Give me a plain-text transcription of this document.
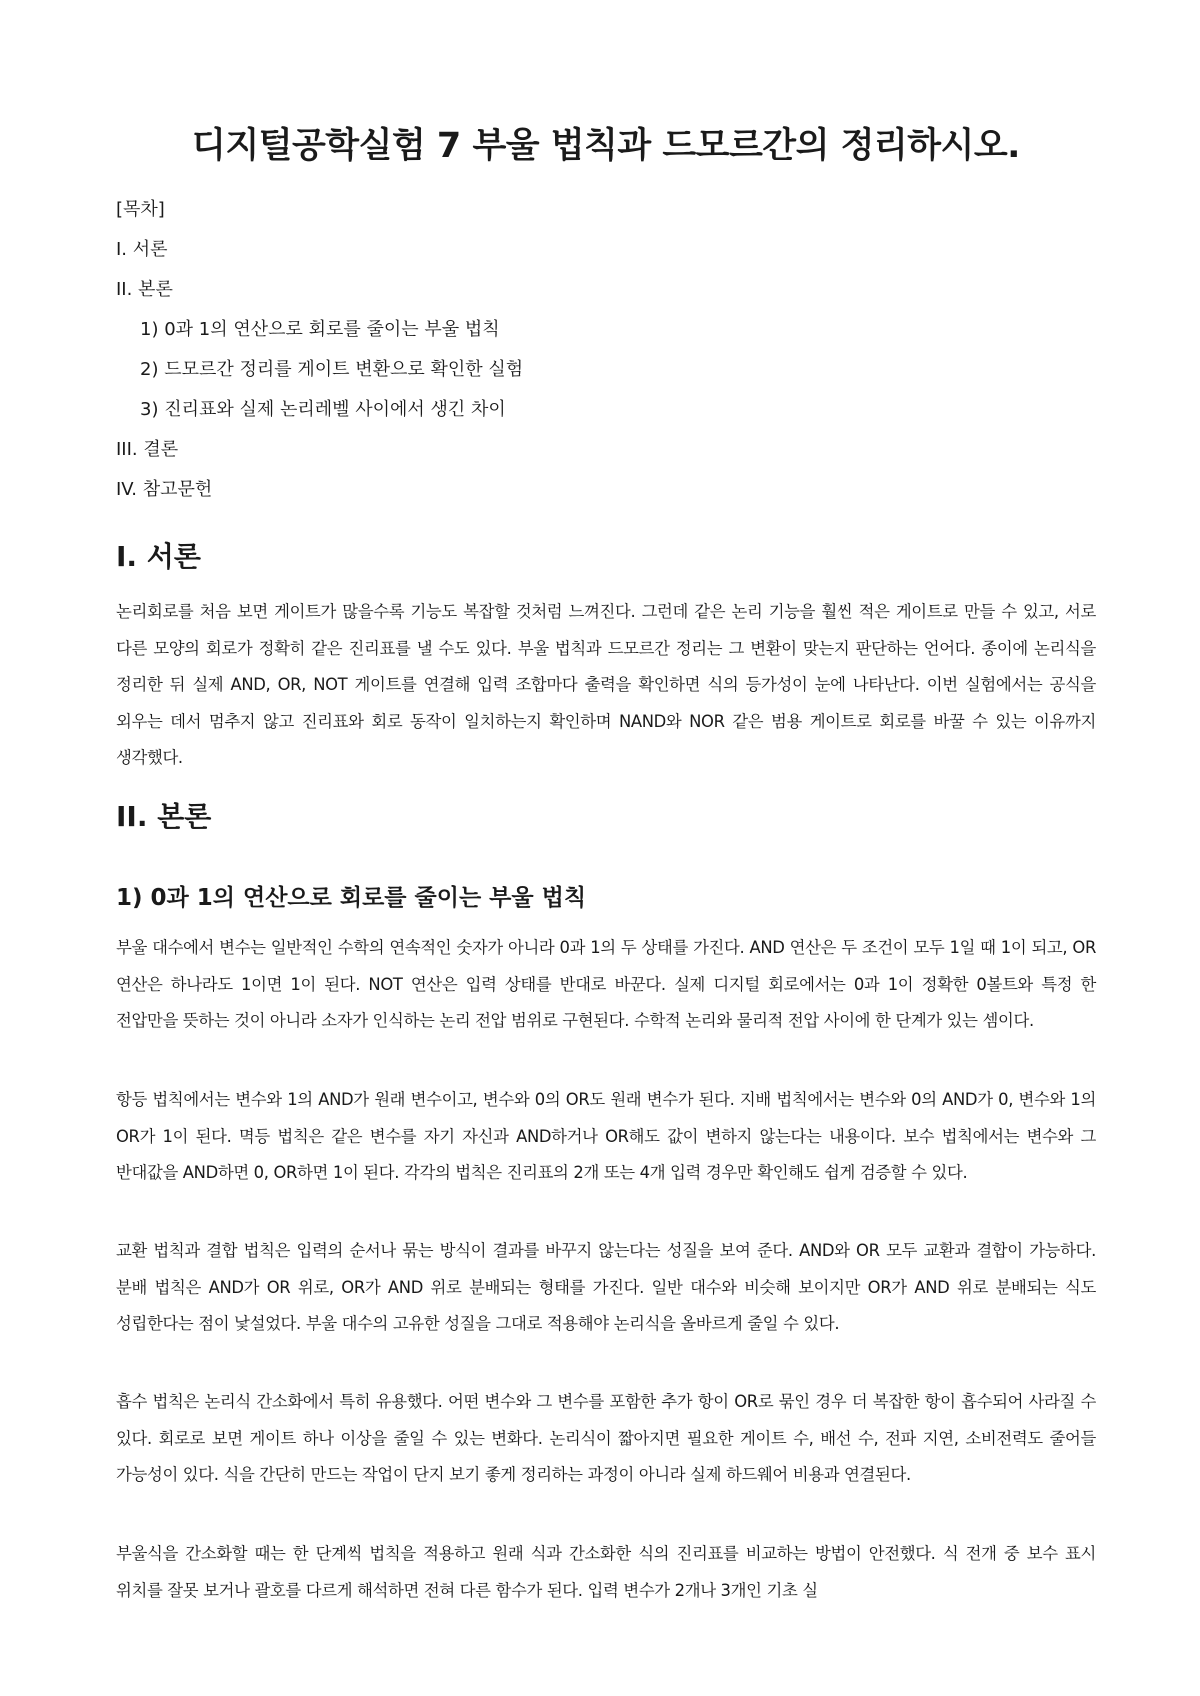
디지털공학실험 7 부울 법칙과 드모르간의 정리하시오.
[목차]
I. 서론
II. 본론
1) 0과 1의 연산으로 회로를 줄이는 부울 법칙
2) 드모르간 정리를 게이트 변환으로 확인한 실험
3) 진리표와 실제 논리레벨 사이에서 생긴 차이
III. 결론
IV. 참고문헌
I. 서론

논리회로를 처음 보면 게이트가 많을수록 기능도 복잡할 것처럼 느껴진다. 그런데 같은 논리 기능을 훨씬 적은 게이트로 만들 수 있고, 서로 다른 모양의 회로가 정확히 같은 진리표를 낼 수도 있다. 부울 법칙과 드모르간 정리는 그 변환이 맞는지 판단하는 언어다. 종이에 논리식을 정리한 뒤 실제 AND, OR, NOT 게이트를 연결해 입력 조합마다 출력을 확인하면 식의 등가성이 눈에 나타난다. 이번 실험에서는 공식을 외우는 데서 멈추지 않고 진리표와 회로 동작이 일치하는지 확인하며 NAND와 NOR 같은 범용 게이트로 회로를 바꿀 수 있는 이유까지 생각했다.

II. 본론
1) 0과 1의 연산으로 회로를 줄이는 부울 법칙

부울 대수에서 변수는 일반적인 수학의 연속적인 숫자가 아니라 0과 1의 두 상태를 가진다. AND 연산은 두 조건이 모두 1일 때 1이 되고, OR 연산은 하나라도 1이면 1이 된다. NOT 연산은 입력 상태를 반대로 바꾼다. 실제 디지털 회로에서는 0과 1이 정확한 0볼트와 특정 한 전압만을 뜻하는 것이 아니라 소자가 인식하는 논리 전압 범위로 구현된다. 수학적 논리와 물리적 전압 사이에 한 단계가 있는 셈이다.

항등 법칙에서는 변수와 1의 AND가 원래 변수이고, 변수와 0의 OR도 원래 변수가 된다. 지배 법칙에서는 변수와 0의 AND가 0, 변수와 1의 OR가 1이 된다. 멱등 법칙은 같은 변수를 자기 자신과 AND하거나 OR해도 값이 변하지 않는다는 내용이다. 보수 법칙에서는 변수와 그 반대값을 AND하면 0, OR하면 1이 된다. 각각의 법칙은 진리표의 2개 또는 4개 입력 경우만 확인해도 쉽게 검증할 수 있다.

교환 법칙과 결합 법칙은 입력의 순서나 묶는 방식이 결과를 바꾸지 않는다는 성질을 보여 준다. AND와 OR 모두 교환과 결합이 가능하다. 분배 법칙은 AND가 OR 위로, OR가 AND 위로 분배되는 형태를 가진다. 일반 대수와 비슷해 보이지만 OR가 AND 위로 분배되는 식도 성립한다는 점이 낯설었다. 부울 대수의 고유한 성질을 그대로 적용해야 논리식을 올바르게 줄일 수 있다.

흡수 법칙은 논리식 간소화에서 특히 유용했다. 어떤 변수와 그 변수를 포함한 추가 항이 OR로 묶인 경우 더 복잡한 항이 흡수되어 사라질 수 있다. 회로로 보면 게이트 하나 이상을 줄일 수 있는 변화다. 논리식이 짧아지면 필요한 게이트 수, 배선 수, 전파 지연, 소비전력도 줄어들 가능성이 있다. 식을 간단히 만드는 작업이 단지 보기 좋게 정리하는 과정이 아니라 실제 하드웨어 비용과 연결된다.

부울식을 간소화할 때는 한 단계씩 법칙을 적용하고 원래 식과 간소화한 식의 진리표를 비교하는 방법이 안전했다. 식 전개 중 보수 표시 위치를 잘못 보거나 괄호를 다르게 해석하면 전혀 다른 함수가 된다. 입력 변수가 2개나 3개인 기초 실
